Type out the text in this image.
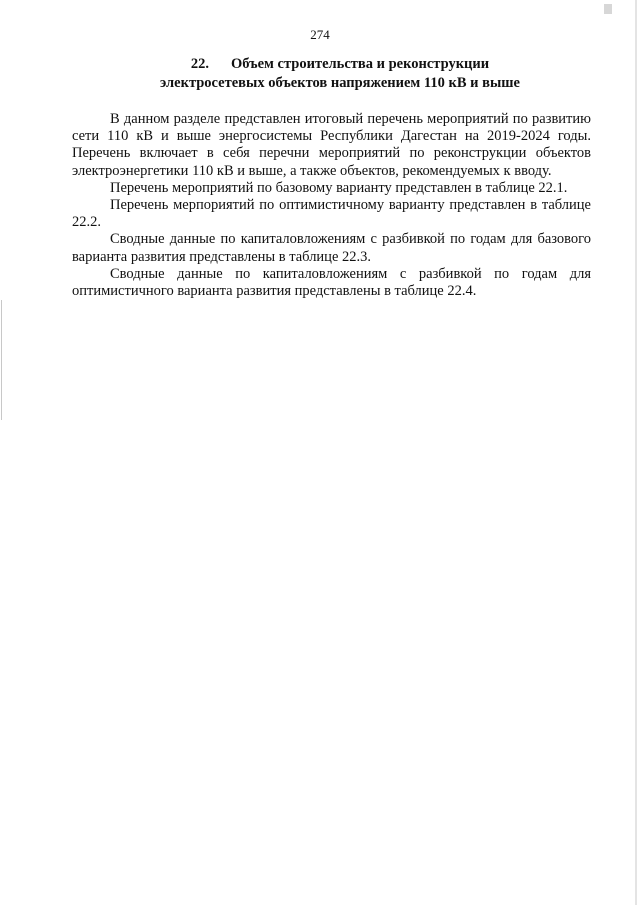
274
22. Объем строительства и реконструкции
электросетевых объектов напряжением 110 кВ и выше

В данном разделе представлен итоговый перечень мероприятий по развитию сети 110 кВ и выше энергосистемы Республики Дагестан на 2019-2024 годы. Перечень включает в себя перечни мероприятий по реконструкции объектов электроэнергетики 110 кВ и выше, а также объектов, рекомендуемых к вводу.

Перечень мероприятий по базовому варианту представлен в таблице 22.1.

Перечень мерпориятий по оптимистичному варианту представлен в таблице 22.2.

Сводные данные по капиталовложениям с разбивкой по годам для базового варианта развития представлены в таблице 22.3.

Сводные данные по капиталовложениям с разбивкой по годам для оптимистичного варианта развития представлены в таблице 22.4.
